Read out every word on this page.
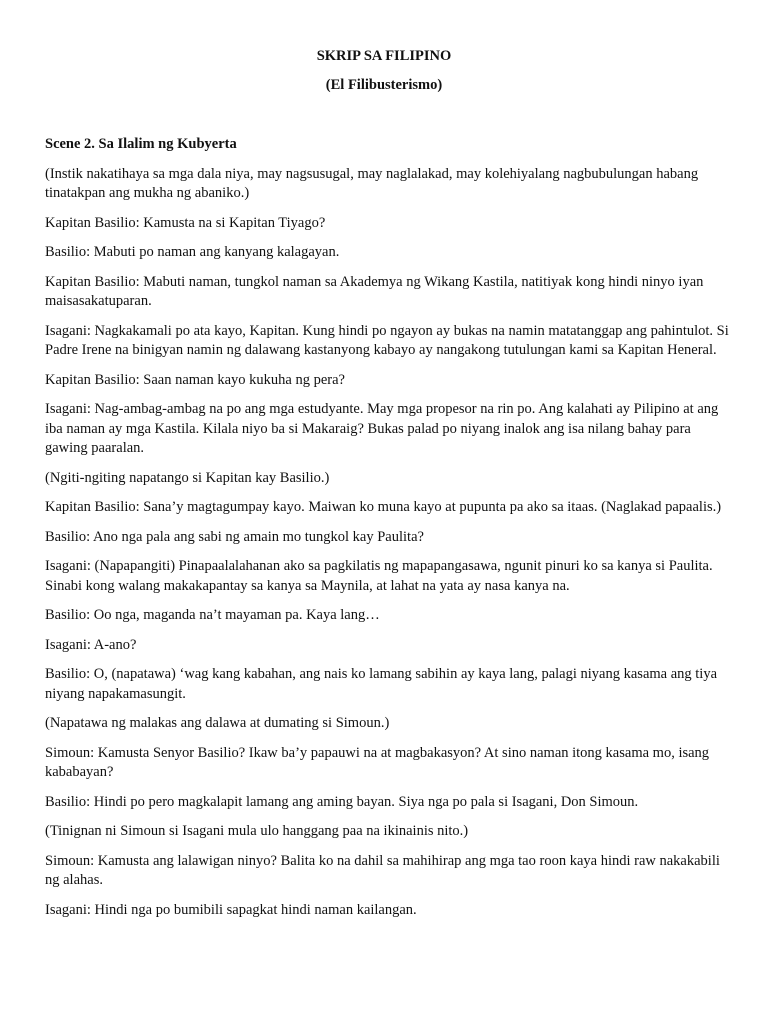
SKRIP SA FILIPINO
(El Filibusterismo)

Scene 2. Sa Ilalim ng Kubyerta

(Instik nakatihaya sa mga dala niya, may nagsusugal, may naglalakad, may kolehiyalang nagbubulungan habang tinatakpan ang mukha ng abaniko.)

Kapitan Basilio: Kamusta na si Kapitan Tiyago?

Basilio: Mabuti po naman ang kanyang kalagayan.

Kapitan Basilio: Mabuti naman, tungkol naman sa Akademya ng Wikang Kastila, natitiyak kong hindi ninyo iyan maisasakatuparan.

Isagani: Nagkakamali po ata kayo, Kapitan. Kung hindi po ngayon ay bukas na namin matatanggap ang pahintulot. Si Padre Irene na binigyan namin ng dalawang kastanyong kabayo ay nangakong tutulungan kami sa Kapitan Heneral.

Kapitan Basilio: Saan naman kayo kukuha ng pera?

Isagani: Nag-ambag-ambag na po ang mga estudyante. May mga propesor na rin po. Ang kalahati ay Pilipino at ang iba naman ay mga Kastila. Kilala niyo ba si Makaraig? Bukas palad po niyang inalok ang isa nilang bahay para gawing paaralan.

(Ngiti-ngiting napatango si Kapitan kay Basilio.)

Kapitan Basilio: Sana’y magtagumpay kayo. Maiwan ko muna kayo at pupunta pa ako sa itaas. (Naglakad papaalis.)

Basilio: Ano nga pala ang sabi ng amain mo tungkol kay Paulita?

Isagani: (Napapangiti) Pinapaalalahanan ako sa pagkilatis ng mapapangasawa, ngunit pinuri ko sa kanya si Paulita. Sinabi kong walang makakapantay sa kanya sa Maynila, at lahat na yata ay nasa kanya na.

Basilio: Oo nga, maganda na’t mayaman pa. Kaya lang…

Isagani: A-ano?

Basilio: O, (napatawa) ‘wag kang kabahan, ang nais ko lamang sabihin ay kaya lang, palagi niyang kasama ang tiya niyang napakamasungit.

(Napatawa ng malakas ang dalawa at dumating si Simoun.)

Simoun: Kamusta Senyor Basilio? Ikaw ba’y papauwi na at magbakasyon? At sino naman itong kasama mo, isang kababayan?

Basilio: Hindi po pero magkalapit lamang ang aming bayan. Siya nga po pala si Isagani, Don Simoun.

(Tinignan ni Simoun si Isagani mula ulo hanggang paa na ikinainis nito.)

Simoun: Kamusta ang lalawigan ninyo? Balita ko na dahil sa mahihirap ang mga tao roon kaya hindi raw nakakabili ng alahas.

Isagani: Hindi nga po bumibili sapagkat hindi naman kailangan.
